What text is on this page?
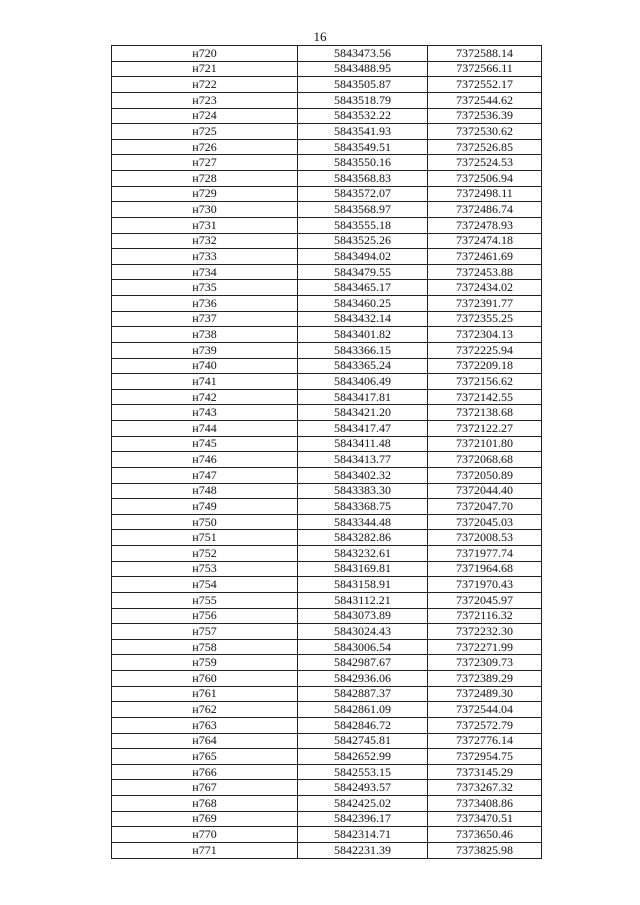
16
н720	5843473.56	7372588.14
н721	5843488.95	7372566.11
н722	5843505.87	7372552.17
н723	5843518.79	7372544.62
н724	5843532.22	7372536.39
н725	5843541.93	7372530.62
н726	5843549.51	7372526.85
н727	5843550.16	7372524.53
н728	5843568.83	7372506.94
н729	5843572.07	7372498.11
н730	5843568.97	7372486.74
н731	5843555.18	7372478.93
н732	5843525.26	7372474.18
н733	5843494.02	7372461.69
н734	5843479.55	7372453.88
н735	5843465.17	7372434.02
н736	5843460.25	7372391.77
н737	5843432.14	7372355.25
н738	5843401.82	7372304.13
н739	5843366.15	7372225.94
н740	5843365.24	7372209.18
н741	5843406.49	7372156.62
н742	5843417.81	7372142.55
н743	5843421.20	7372138.68
н744	5843417.47	7372122.27
н745	5843411.48	7372101.80
н746	5843413.77	7372068.68
н747	5843402.32	7372050.89
н748	5843383.30	7372044.40
н749	5843368.75	7372047.70
н750	5843344.48	7372045.03
н751	5843282.86	7372008.53
н752	5843232.61	7371977.74
н753	5843169.81	7371964.68
н754	5843158.91	7371970.43
н755	5843112.21	7372045.97
н756	5843073.89	7372116.32
н757	5843024.43	7372232.30
н758	5843006.54	7372271.99
н759	5842987.67	7372309.73
н760	5842936.06	7372389.29
н761	5842887.37	7372489.30
н762	5842861.09	7372544.04
н763	5842846.72	7372572.79
н764	5842745.81	7372776.14
н765	5842652.99	7372954.75
н766	5842553.15	7373145.29
н767	5842493.57	7373267.32
н768	5842425.02	7373408.86
н769	5842396.17	7373470.51
н770	5842314.71	7373650.46
н771	5842231.39	7373825.98
